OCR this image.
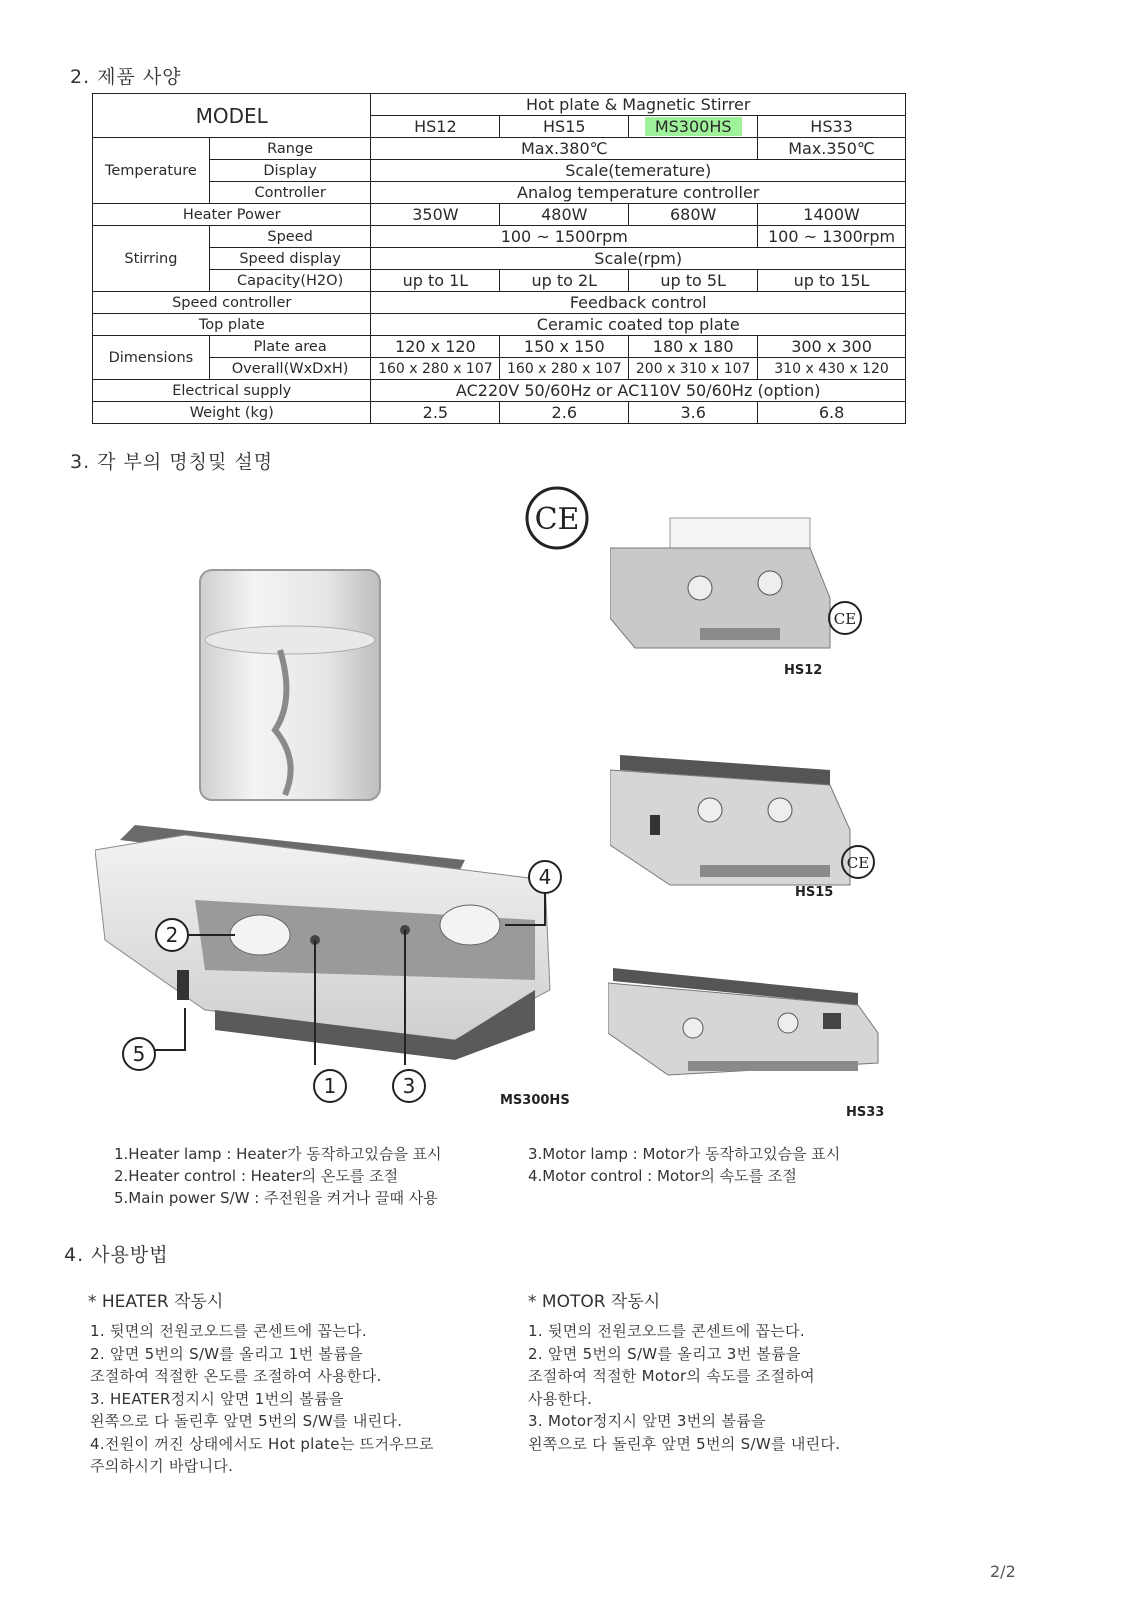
2. 제품 사양
MODEL		Hot plate & Magnetic Stirrer			
		HS12	HS15	MS300HS	HS33
Temperature	Range	Max.380℃			Max.350℃
	Display	Scale(temerature)			
	Controller	Analog temperature controller			
Heater Power		350W	480W	680W	1400W
Stirring	Speed	100 ~ 1500rpm			100 ~ 1300rpm
	Speed display	Scale(rpm)			
	Capacity(H2O)	up to 1L	up to 2L	up to 5L	up to 15L
Speed controller		Feedback control			
Top plate		Ceramic coated top plate			
Dimensions	Plate area	120 x 120	150 x 150	180 x 180	300 x 300
	Overall(WxDxH)	160 x 280 x 107	160 x 280 x 107	200 x 310 x 107	310 x 430 x 120
Electrical supply		AC220V 50/60Hz or AC110V 50/60Hz (option)			
Weight (kg)		2.5	2.6	3.6	6.8
3. 각 부의 명칭및 설명
CE
1
2
3
4
5
MS300HS
CE
HS12
CE
HS15
HS33
1.Heater lamp : Heater가 동작하고있슴을 표시
2.Heater control : Heater의 온도를 조절
5.Main power S/W : 주전원을 켜거나 끌때 사용
3.Motor lamp : Motor가 동작하고있슴을 표시
4.Motor control : Motor의 속도를 조절
4. 사용방법
* HEATER 작동시
1. 뒷면의 전원코오드를 콘센트에 꼽는다.
2. 앞면 5번의 S/W를 올리고 1번 볼륨을
조절하여 적절한 온도를 조절하여 사용한다.
3. HEATER정지시 앞면 1번의 볼륨을
왼쪽으로 다 돌린후 앞면 5번의 S/W를 내린다.
4.전원이 꺼진 상태에서도 Hot plate는 뜨거우므로
주의하시기 바랍니다.
* MOTOR 작동시
1. 뒷면의 전원코오드를 콘센트에 꼽는다.
2. 앞면 5번의 S/W를 올리고 3번 볼륨을
조절하여 적절한 Motor의 속도를 조절하여
사용한다.
3. Motor정지시 앞면 3번의 볼륨을
왼쪽으로 다 돌린후 앞면 5번의 S/W를 내린다.
2/2
